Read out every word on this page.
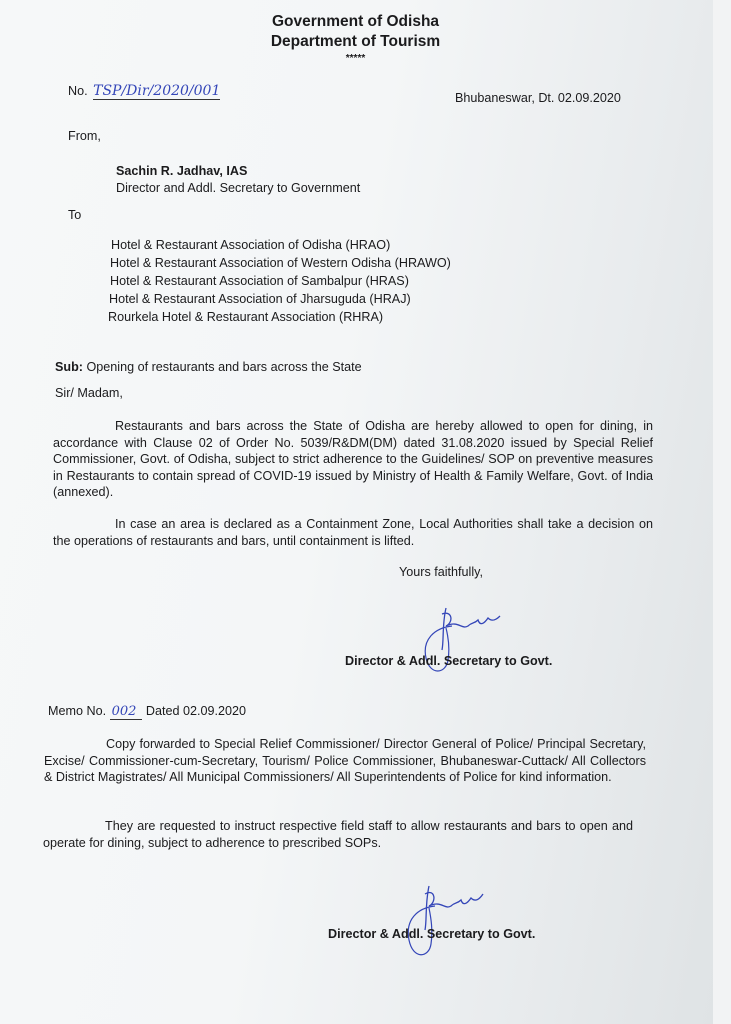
Government of Odisha
Department of Tourism
*****
No. TSP/Dir/2020/001	Bhubaneswar, Dt. 02.09.2020
From,
Sachin R. Jadhav, IAS
Director and Addl. Secretary to Government
To
Hotel & Restaurant Association of Odisha (HRAO)
Hotel & Restaurant Association of Western Odisha (HRAWO)
Hotel & Restaurant Association of Sambalpur (HRAS)
Hotel & Restaurant Association of Jharsuguda (HRAJ)
Rourkela Hotel & Restaurant Association (RHRA)
Sub: Opening of restaurants and bars across the State
Sir/ Madam,
Restaurants and bars across the State of Odisha are hereby allowed to open for dining, in accordance with Clause 02 of Order No. 5039/R&DM(DM) dated 31.08.2020 issued by Special Relief Commissioner, Govt. of Odisha, subject to strict adherence to the Guidelines/ SOP on preventive measures in Restaurants to contain spread of COVID-19 issued by Ministry of Health & Family Welfare, Govt. of India (annexed).
In case an area is declared as a Containment Zone, Local Authorities shall take a decision on the operations of restaurants and bars, until containment is lifted.
Yours faithfully,
Director & Addl. Secretary to Govt.
Memo No. 002 Dated 02.09.2020
Copy forwarded to Special Relief Commissioner/ Director General of Police/ Principal Secretary, Excise/ Commissioner-cum-Secretary, Tourism/ Police Commissioner, Bhubaneswar-Cuttack/ All Collectors & District Magistrates/ All Municipal Commissioners/ All Superintendents of Police for kind information.
They are requested to instruct respective field staff to allow restaurants and bars to open and operate for dining, subject to adherence to prescribed SOPs.
Director & Addl. Secretary to Govt.
